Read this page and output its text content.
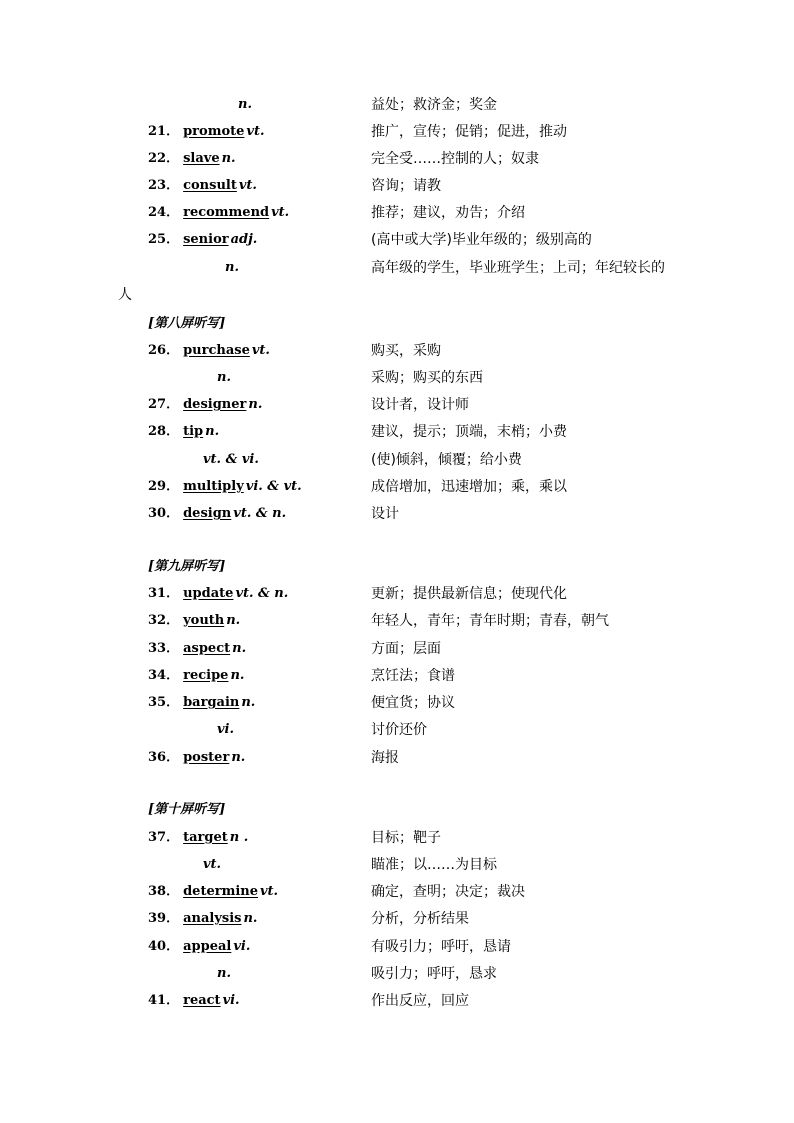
n.	益处；救济金；奖金
21． promote vt.	推广，宣传；促销；促进，推动
22． slave n.	完全受……控制的人；奴隶
23． consult vt.	咨询；请教
24． recommend vt.	推荐；建议，劝告；介绍
25． senior adj.	(高中或大学)毕业年级的；级别高的
n.	高年级的学生，毕业班学生；上司；年纪较长的
人
[第八屏听写]
26． purchase vt.	购买，采购
n.	采购；购买的东西
27． designer n.	设计者，设计师
28． tip n.	建议，提示；顶端，末梢；小费
vt. & vi.	(使)倾斜，倾覆；给小费
29． multiply vi. & vt.	成倍增加，迅速增加；乘，乘以
30． design vt. & n.	设计
[第九屏听写]
31． update vt. & n.	更新；提供最新信息；使现代化
32． youth n.	年轻人，青年；青年时期；青春，朝气
33． aspect n.	方面；层面
34． recipe n.	烹饪法；食谱
35． bargain n.	便宜货；协议
vi.	讨价还价
36． poster n.	海报
[第十屏听写]
37． target n .	目标；靶子
vt.	瞄准；以……为目标
38． determine vt.	确定，查明；决定；裁决
39． analysis n.	分析，分析结果
40． appeal vi.	有吸引力；呼吁，恳请
n.	吸引力；呼吁，恳求
41． react vi.	作出反应，回应
